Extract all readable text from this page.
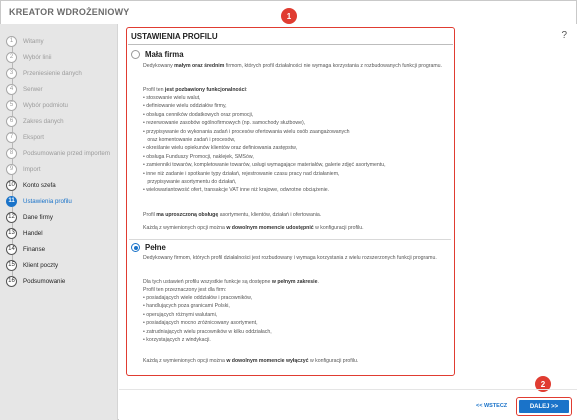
KREATOR WDROŻENIOWY
1	Witamy
2	Wybór linii
3	Przeniesienie danych
4	Serwer
5	Wybór podmiotu
6	Zakres danych
7	Eksport
8	Podsumowanie przed importem
9	Import
10	Konto szefa
11	Ustawienia profilu
12	Dane firmy
13	Handel
14	Finanse
15	Klient poczty
16	Podsumowanie
?
USTAWIENIA PROFILU
Mała firma
Dedykowany małym oraz średnim firmom, których profil działalności nie wymaga korzystania z rozbudowanych funkcji programu.
Profil ten jest pozbawiony funkcjonalności:
• stosowanie wielu walut,
• definiowanie wielu oddziałów firmy,
• obsługa cenników dodatkowych oraz promocji,
• rezerwowanie zasobów ogólnofirmowych (np. samochody służbowe),
• przypisywanie do wykonania zadań i procesów ofertowania wielu osób zaangażowanych
oraz komentowanie zadań i procesów,
• określanie wielu opiekunów klientów oraz definiowania zastępstw,
• obsługa Funduszy Promocji, naklejek, SMSów,
• zamienniki towarów, kompletowanie towarów, usługi wymagające materiałów, galerie zdjęć asortymentu,
• inne niż zadanie i spotkanie typy działań, rejestrowanie czasu pracy nad działaniem,
przypisywanie asortymentu do działań,
• wielowariantowość ofert, transakcje VAT inne niż krajowe, odwrotne obciążenie.
Profil ma uproszczoną obsługę asortymentu, klientów, działań i ofertowania.
Każdą z wymienionych opcji można w dowolnym momencie udostępnić w konfiguracji profilu.
Pełne
Dedykowany firmom, których profil działalności jest rozbudowany i wymaga korzystania z wielu rozszerzonych funkcji programu.
Dla tych ustawień profilu wszystkie funkcje są dostępne w pełnym zakresie.
Profil ten przeznaczony jest dla firm:
• posiadających wiele oddziałów i pracowników,
• handlujących poza granicami Polski,
• operujących różnymi walutami,
• posiadających mocno zróżnicowany asortyment,
• zatrudniających wielu pracowników w kilku oddziałach,
• korzystających z windykacji.
Każdą z wymienionych opcji można w dowolnym momencie wyłączyć w konfiguracji profilu.
1
2
<< WSTECZ	DALEJ >>
